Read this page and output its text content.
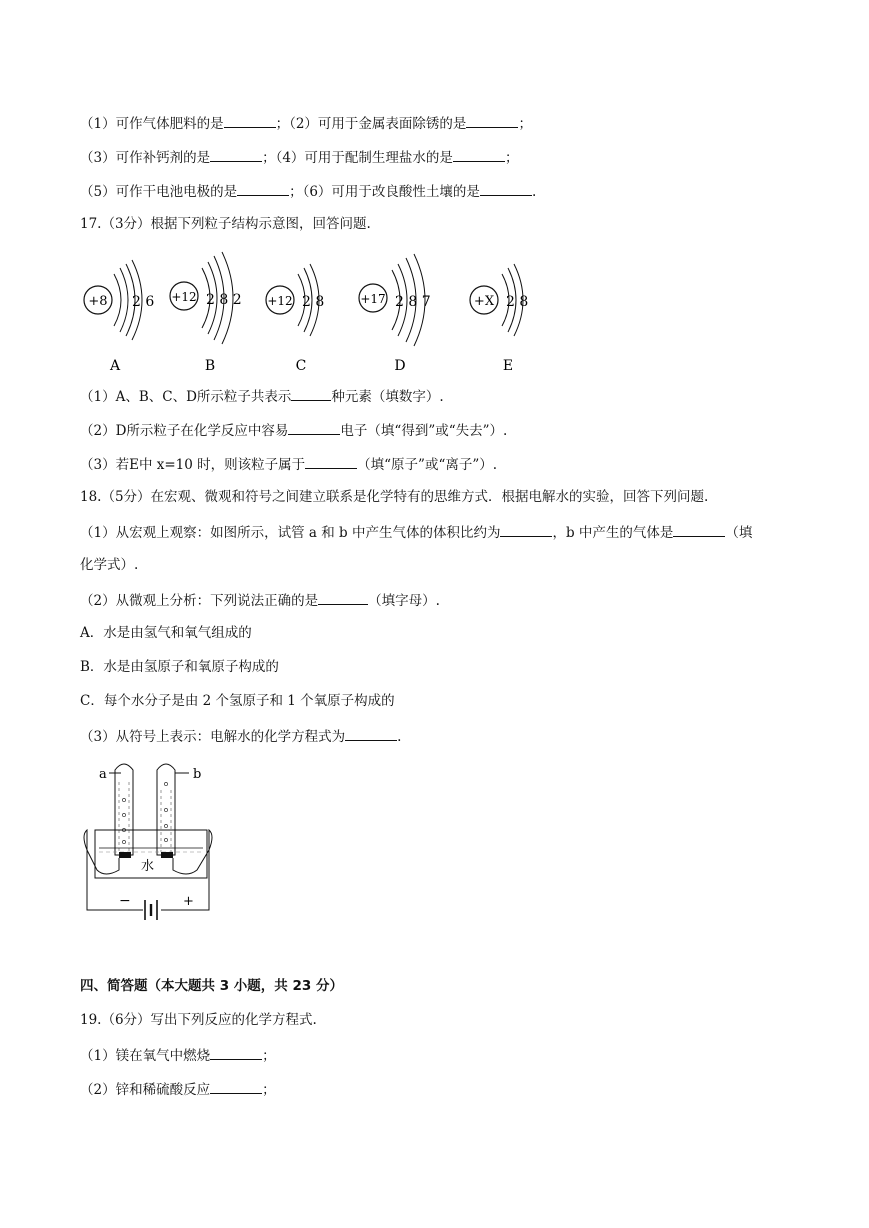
（1）可作气体肥料的是	；（2）可用于金属表面除锈的是	；
（3）可作补钙剂的是	；（4）可用于配制生理盐水的是	；
（5）可作干电池电极的是	；（6）可用于改良酸性土壤的是	.
17.（3分）根据下列粒子结构示意图，回答问题.
+8 2 6
A
+12 2 8 2
B
+12 2 8
C
+17 2 8 7
D
+X 2 8
E
（1）A、B、C、D所示粒子共表示	种元素（填数字）.
（2）D所示粒子在化学反应中容易	电子（填“得到”或“失去”）.
（3）若E中 x=10 时，则该粒子属于	（填“原子”或“离子”）.
18.（5分）在宏观、微观和符号之间建立联系是化学特有的思维方式．根据电解水的实验，回答下列问题.
（1）从宏观上观察：如图所示，试管 a 和 b 中产生气体的体积比约为	，b 中产生的气体是	（填
化学式）.
（2）从微观上分析：下列说法正确的是	（填字母）.
A．水是由氢气和氧气组成的
B．水是由氢原子和氧原子构成的
C．每个水分子是由 2 个氢原子和 1 个氧原子构成的
（3）从符号上表示：电解水的化学方程式为	.
a	b
水
−	+
四、简答题（本大题共 3 小题，共 23 分）
19.（6分）写出下列反应的化学方程式.
（1）镁在氧气中燃烧	；
（2）锌和稀硫酸反应	；
